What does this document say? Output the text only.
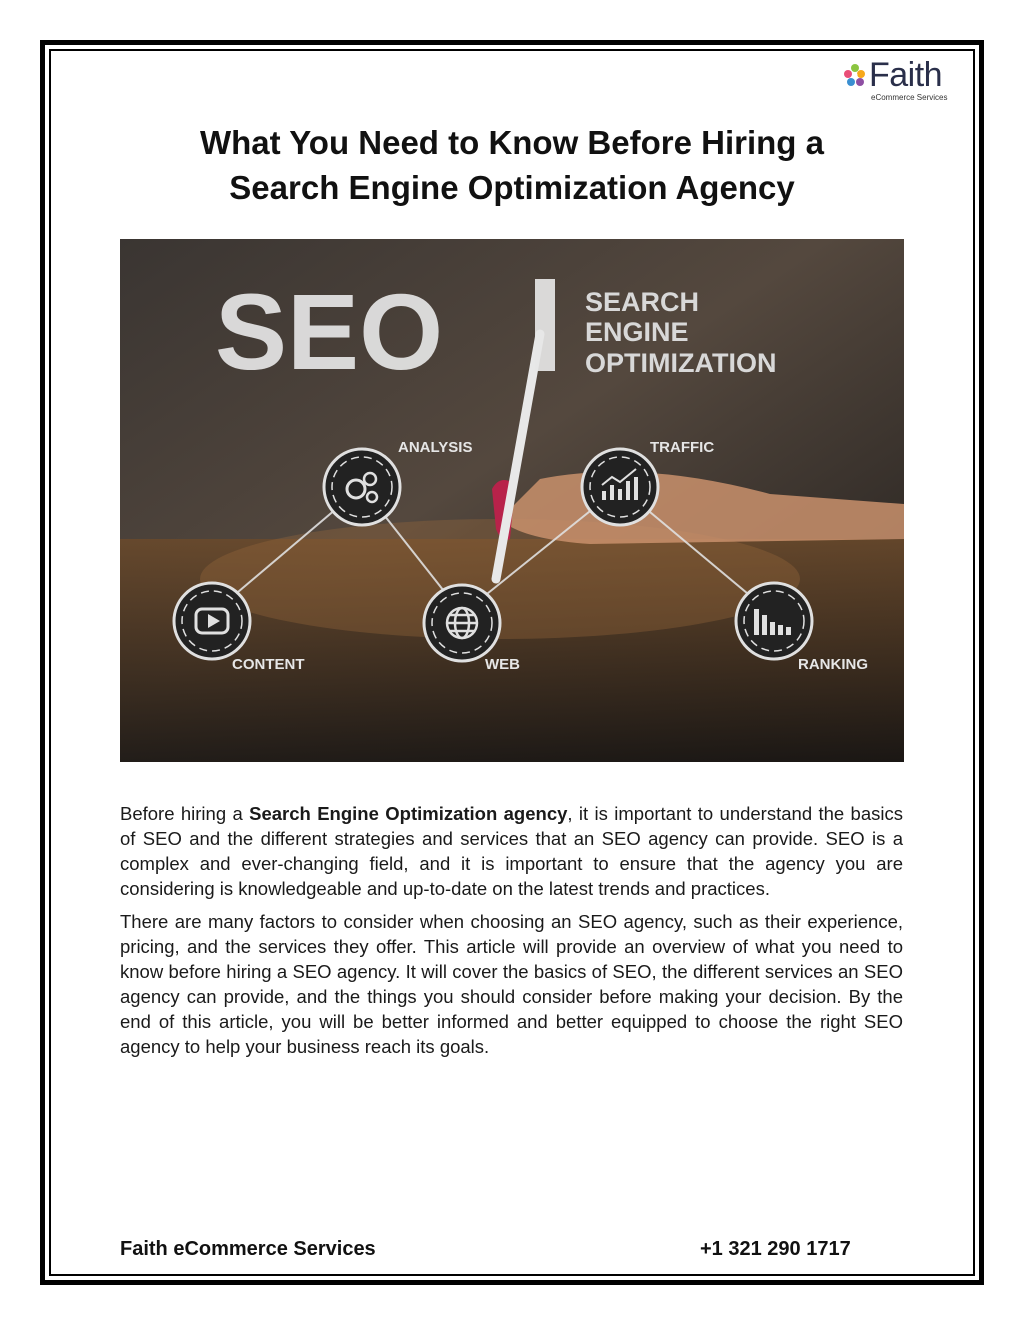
Faith
eCommerce Services
What You Need to Know Before Hiring a
Search Engine Optimization Agency
SEO	SEARCH
ENGINE
OPTIMIZATION
ANALYSIS	TRAFFIC
CONTENT	WEB	RANKING

Before hiring a Search Engine Optimization agency, it is important to understand the basics of SEO and the different strategies and services that an SEO agency can provide. SEO is a complex and ever-changing field, and it is important to ensure that the agency you are considering is knowledgeable and up-to-date on the latest trends and practices.

There are many factors to consider when choosing an SEO agency, such as their experience, pricing, and the services they offer. This article will provide an overview of what you need to know before hiring a SEO agency. It will cover the basics of SEO, the different services an SEO agency can provide, and the things you should consider before making your decision. By the end of this article, you will be better informed and better equipped to choose the right SEO agency to help your business reach its goals.

Faith eCommerce Services	+1 321 290 1717
